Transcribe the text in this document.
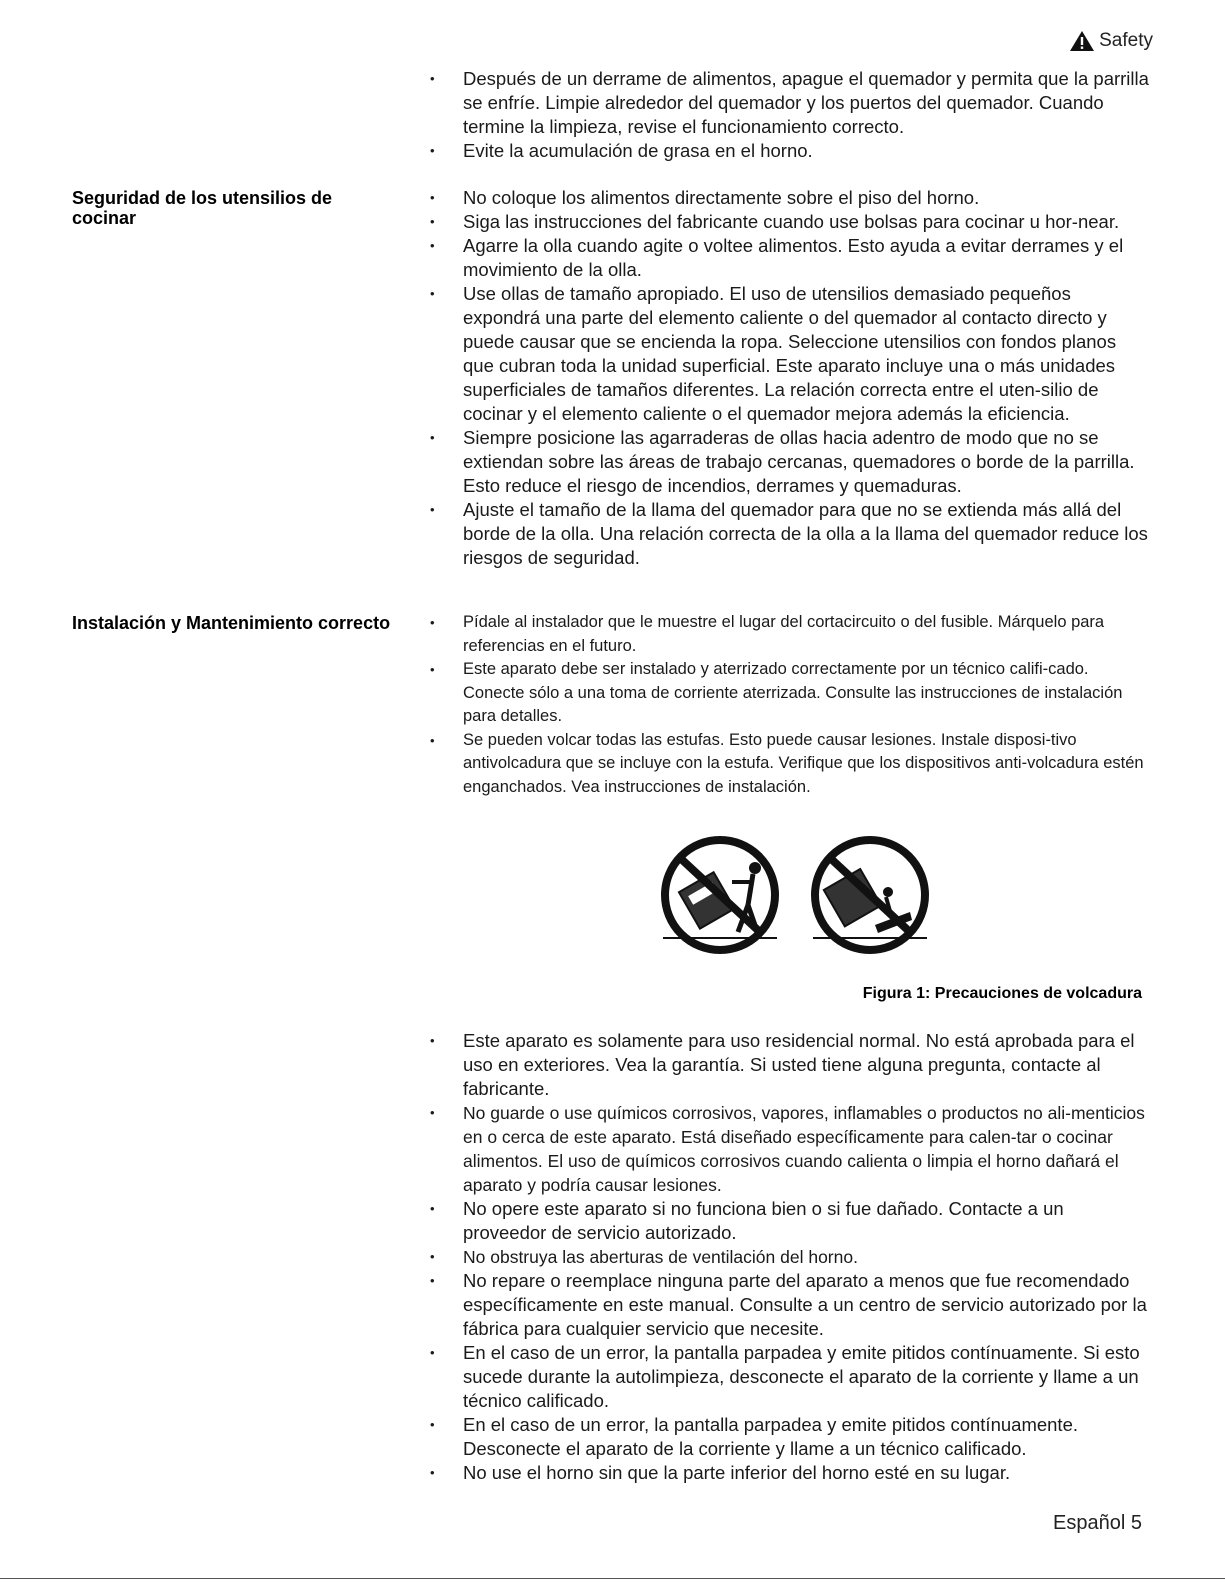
Safety
• Después de un derrame de alimentos, apague el quemador y permita que la parrilla se enfríe. Limpie alrededor del quemador y los puertos del quemador. Cuando termine la limpieza, revise el funcionamiento correcto.
• Evite la acumulación de grasa en el horno.
Seguridad de los utensilios de cocinar
• No coloque los alimentos directamente sobre el piso del horno.
• Siga las instrucciones del fabricante cuando use bolsas para cocinar u hor-near.
• Agarre la olla cuando agite o voltee alimentos. Esto ayuda a evitar derrames y el movimiento de la olla.
• Use ollas de tamaño apropiado. El uso de utensilios demasiado pequeños expondrá una parte del elemento caliente o del quemador al contacto directo y puede causar que se encienda la ropa. Seleccione utensilios con fondos planos que cubran toda la unidad superficial. Este aparato incluye una o más unidades superficiales de tamaños diferentes. La relación correcta entre el uten-silio de cocinar y el elemento caliente o el quemador mejora además la eficiencia.
• Siempre posicione las agarraderas de ollas hacia adentro de modo que no se extiendan sobre las áreas de trabajo cercanas, quemadores o borde de la parrilla. Esto reduce el riesgo de incendios, derrames y quemaduras.
• Ajuste el tamaño de la llama del quemador para que no se extienda más allá del borde de la olla. Una relación correcta de la olla a la llama del quemador reduce los riesgos de seguridad.
Instalación y Mantenimiento correcto
•	Pídale al instalador que le muestre el lugar del cortacircuito o del fusible. Márquelo para referencias en el futuro.
• Este aparato debe ser instalado y aterrizado correctamente por un técnico califi-cado. Conecte sólo a una toma de corriente aterrizada. Consulte las instrucciones de instalación para detalles.
• Se pueden volcar todas las estufas. Esto puede causar lesiones. Instale disposi-tivo antivolcadura que se incluye con la estufa. Verifique que los dispositivos anti-volcadura estén enganchados. Vea instrucciones de instalación.
Figura 1: Precauciones de volcadura
• Este aparato es solamente para uso residencial normal. No está aprobada para el uso en exteriores. Vea la garantía. Si usted tiene alguna pregunta, contacte al fabricante.
• No guarde o use químicos corrosivos, vapores, inflamables o productos no ali-menticios en o cerca de este aparato. Está diseñado específicamente para calen-tar o cocinar alimentos. El uso de químicos corrosivos cuando calienta o limpia el horno dañará el aparato y podría causar lesiones.
• No opere este aparato si no funciona bien o si fue dañado. Contacte a un proveedor de servicio autorizado.
• No obstruya las aberturas de ventilación del horno.
• No repare o reemplace ninguna parte del aparato a menos que fue recomendado específicamente en este manual. Consulte a un centro de servicio autorizado por la fábrica para cualquier servicio que necesite.
• En el caso de un error, la pantalla parpadea y emite pitidos contínuamente. Si esto sucede durante la autolimpieza, desconecte el aparato de la corriente y llame a un técnico calificado.
• En el caso de un error, la pantalla parpadea y emite pitidos contínuamente. Desconecte el aparato de la corriente y llame a un técnico calificado.
• No use el horno sin que la parte inferior del horno esté en su lugar.
Español 5
